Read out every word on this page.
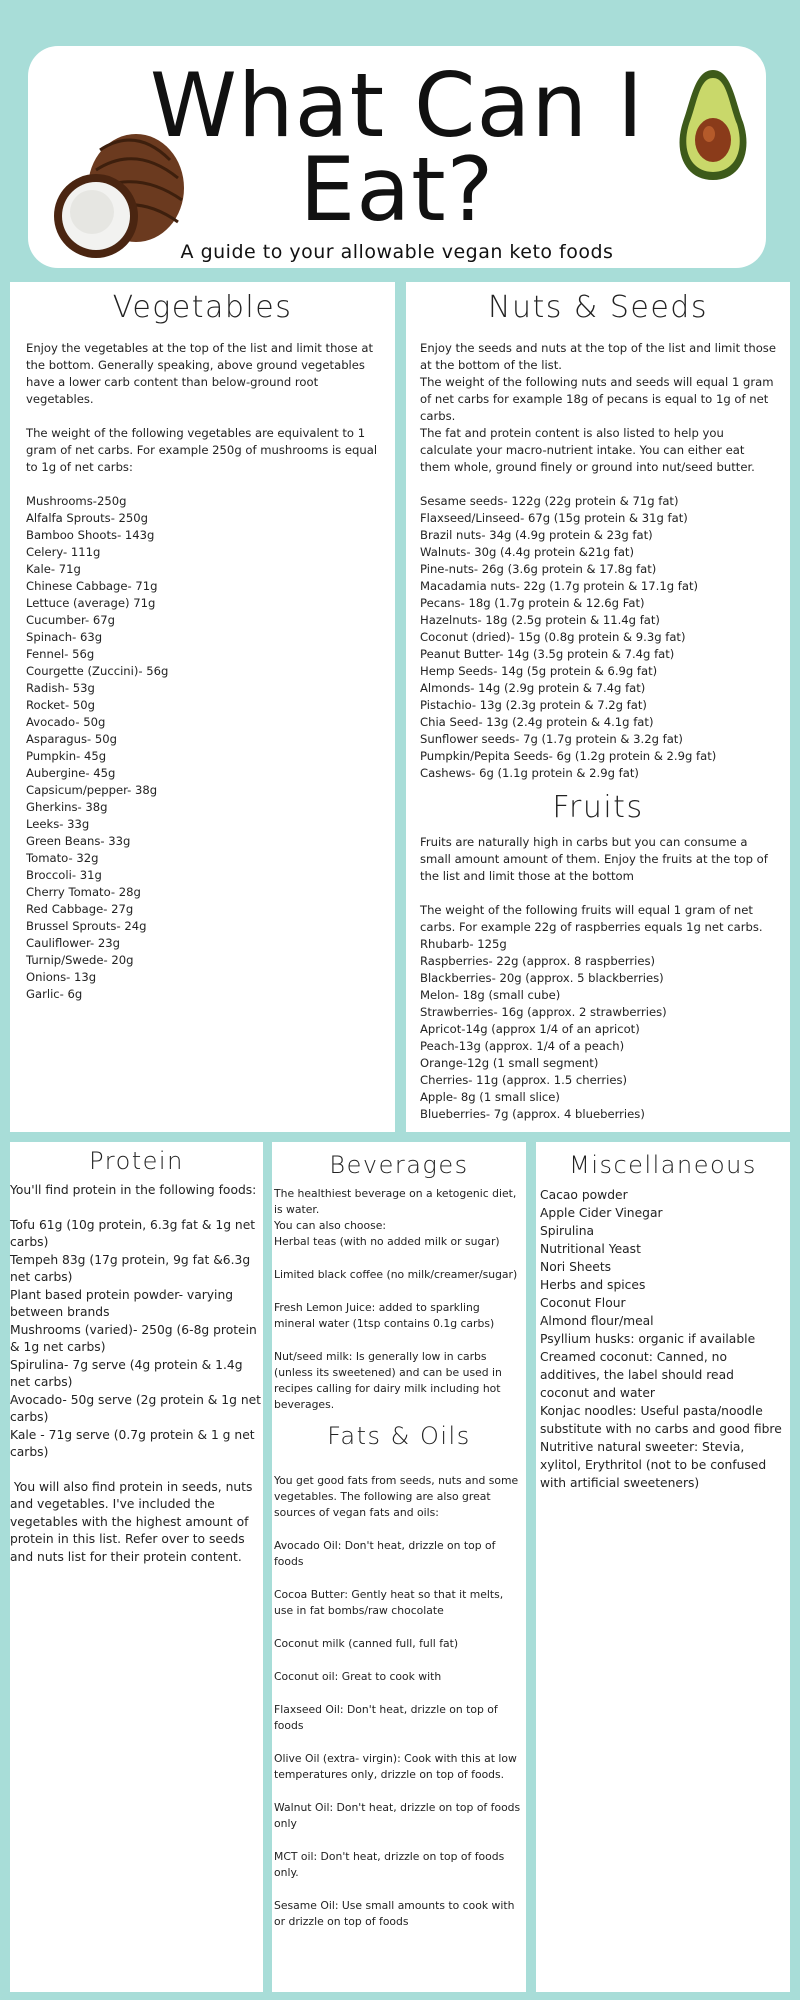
What Can I
Eat?
A guide to your allowable vegan keto foods
Vegetables

Enjoy the vegetables at the top of the list and limit those at the bottom. Generally speaking, above ground vegetables have a lower carb content than below-ground root vegetables.

The weight of the following vegetables are equivalent to 1 gram of net carbs. For example 250g of mushrooms is equal to 1g of net carbs:

Mushrooms-250g
Alfalfa Sprouts- 250g
Bamboo Shoots- 143g
Celery- 111g
Kale- 71g
Chinese Cabbage- 71g
Lettuce (average) 71g
Cucumber- 67g
Spinach- 63g
Fennel- 56g
Courgette (Zuccini)- 56g
Radish- 53g
Rocket- 50g
Avocado- 50g
Asparagus- 50g
Pumpkin- 45g
Aubergine- 45g
Capsicum/pepper- 38g
Gherkins- 38g
Leeks- 33g
Green Beans- 33g
Tomato- 32g
Broccoli- 31g
Cherry Tomato- 28g
Red Cabbage- 27g
Brussel Sprouts- 24g
Cauliflower- 23g
Turnip/Swede- 20g
Onions- 13g
Garlic- 6g
Nuts & Seeds

Enjoy the seeds and nuts at the top of the list and limit those at the bottom of the list.
The weight of the following nuts and seeds will equal 1 gram of net carbs for example 18g of pecans is equal to 1g of net carbs.
The fat and protein content is also listed to help you calculate your macro-nutrient intake. You can either eat them whole, ground finely or ground into nut/seed butter.

Sesame seeds- 122g (22g protein & 71g fat)
Flaxseed/Linseed- 67g (15g protein & 31g fat)
Brazil nuts- 34g (4.9g protein & 23g fat)
Walnuts- 30g (4.4g protein &21g fat)
Pine-nuts- 26g (3.6g protein & 17.8g fat)
Macadamia nuts- 22g (1.7g protein & 17.1g fat)
Pecans- 18g (1.7g protein & 12.6g Fat)
Hazelnuts- 18g (2.5g protein & 11.4g fat)
Coconut (dried)- 15g (0.8g protein & 9.3g fat)
Peanut Butter- 14g (3.5g protein & 7.4g fat)
Hemp Seeds- 14g (5g protein & 6.9g fat)
Almonds- 14g (2.9g protein & 7.4g fat)
Pistachio- 13g (2.3g protein & 7.2g fat)
Chia Seed- 13g (2.4g protein & 4.1g fat)
Sunflower seeds- 7g (1.7g protein & 3.2g fat)
Pumpkin/Pepita Seeds- 6g (1.2g protein & 2.9g fat)
Cashews- 6g (1.1g protein & 2.9g fat)
Fruits

Fruits are naturally high in carbs but you can consume a small amount amount of them. Enjoy the fruits at the top of the list and limit those at the bottom

The weight of the following fruits will equal 1 gram of net carbs. For example 22g of raspberries equals 1g net carbs.

Rhubarb- 125g
Raspberries- 22g (approx. 8 raspberries)
Blackberries- 20g (approx. 5 blackberries)
Melon- 18g (small cube)
Strawberries- 16g (approx. 2 strawberries)
Apricot-14g (approx 1/4 of an apricot)
Peach-13g (approx. 1/4 of a peach)
Orange-12g (1 small segment)
Cherries- 11g (approx. 1.5 cherries)
Apple- 8g (1 small slice)
Blueberries- 7g (approx. 4 blueberries)
Protein

You'll find protein in the following foods:

Tofu 61g (10g protein, 6.3g fat & 1g net carbs)
Tempeh 83g (17g protein, 9g fat &6.3g net carbs)
Plant based protein powder- varying between brands
Mushrooms (varied)- 250g (6-8g protein & 1g net carbs)
Spirulina- 7g serve (4g protein & 1.4g net carbs)
Avocado- 50g serve (2g protein & 1g net carbs)
Kale - 71g serve (0.7g protein & 1 g net carbs)

You will also find protein in seeds, nuts and vegetables. I've included the vegetables with the highest amount of protein in this list. Refer over to seeds and nuts list for their protein content.

Beverages

The healthiest beverage on a ketogenic diet, is water.
You can also choose:
Herbal teas (with no added milk or sugar)

Limited black coffee (no milk/creamer/sugar)

Fresh Lemon Juice: added to sparkling mineral water (1tsp contains 0.1g carbs)

Nut/seed milk: Is generally low in carbs (unless its sweetened) and can be used in recipes calling for dairy milk including hot beverages.

Fats & Oils

You get good fats from seeds, nuts and some vegetables. The following are also great sources of vegan fats and oils:

Avocado Oil: Don't heat, drizzle on top of foods

Cocoa Butter: Gently heat so that it melts, use in fat bombs/raw chocolate

Coconut milk (canned full, full fat)

Coconut oil: Great to cook with

Flaxseed Oil: Don't heat, drizzle on top of foods

Olive Oil (extra- virgin): Cook with this at low temperatures only, drizzle on top of foods.

Walnut Oil: Don't heat, drizzle on top of foods only

MCT oil: Don't heat, drizzle on top of foods only.

Sesame Oil: Use small amounts to cook with or drizzle on top of foods

Miscellaneous
Cacao powder
Apple Cider Vinegar
Spirulina
Nutritional Yeast
Nori Sheets
Herbs and spices
Coconut Flour
Almond flour/meal
Psyllium husks: organic if available
Creamed coconut: Canned, no additives, the label should read coconut and water
Konjac noodles: Useful pasta/noodle substitute with no carbs and good fibre
Nutritive natural sweeter: Stevia, xylitol, Erythritol (not to be confused with artificial sweeteners)
